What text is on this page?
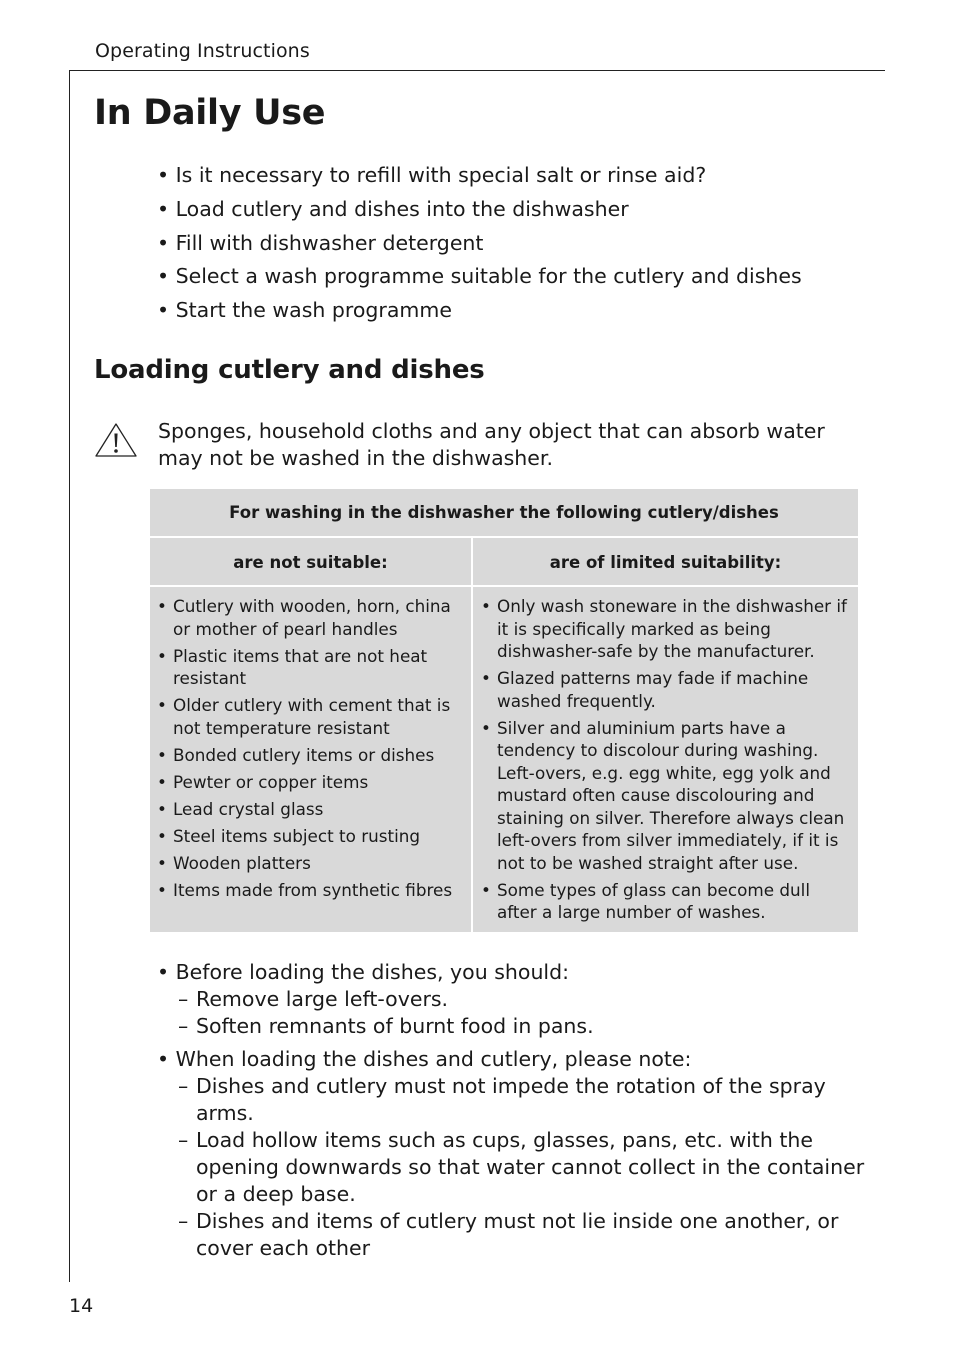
Operating Instructions
In Daily Use
• Is it necessary to refill with special salt or rinse aid?
• Load cutlery and dishes into the dishwasher
• Fill with dishwasher detergent
• Select a wash programme suitable for the cutlery and dishes
• Start the wash programme
Loading cutlery and dishes

Sponges, household cloths and any object that can absorb water may not be washed in the dishwasher.

For washing in the dishwasher the following cutlery/dishes
are not suitable:	are of limited suitability:
• Cutlery with wooden, horn, china or mother of pearl handles
• Plastic items that are not heat resistant
• Older cutlery with cement that is not temperature resistant
• Bonded cutlery items or dishes
• Pewter or copper items
• Lead crystal glass
• Steel items subject to rusting
• Wooden platters
• Items made from synthetic fibres
• Only wash stoneware in the dishwasher if it is specifically marked as being dishwasher-safe by the manufacturer.
• Glazed patterns may fade if machine washed frequently.
• Silver and aluminium parts have a tendency to discolour during washing. Left-overs, e.g. egg white, egg yolk and mustard often cause discolouring and staining on silver. Therefore always clean left-overs from silver immediately, if it is not to be washed straight after use.
• Some types of glass can become dull after a large number of washes.
• Before loading the dishes, you should:
– Remove large left-overs.
– Soften remnants of burnt food in pans.
• When loading the dishes and cutlery, please note:
– Dishes and cutlery must not impede the rotation of the spray arms.
– Load hollow items such as cups, glasses, pans, etc. with the opening downwards so that water cannot collect in the container or a deep base.
– Dishes and items of cutlery must not lie inside one another, or cover each other
14
